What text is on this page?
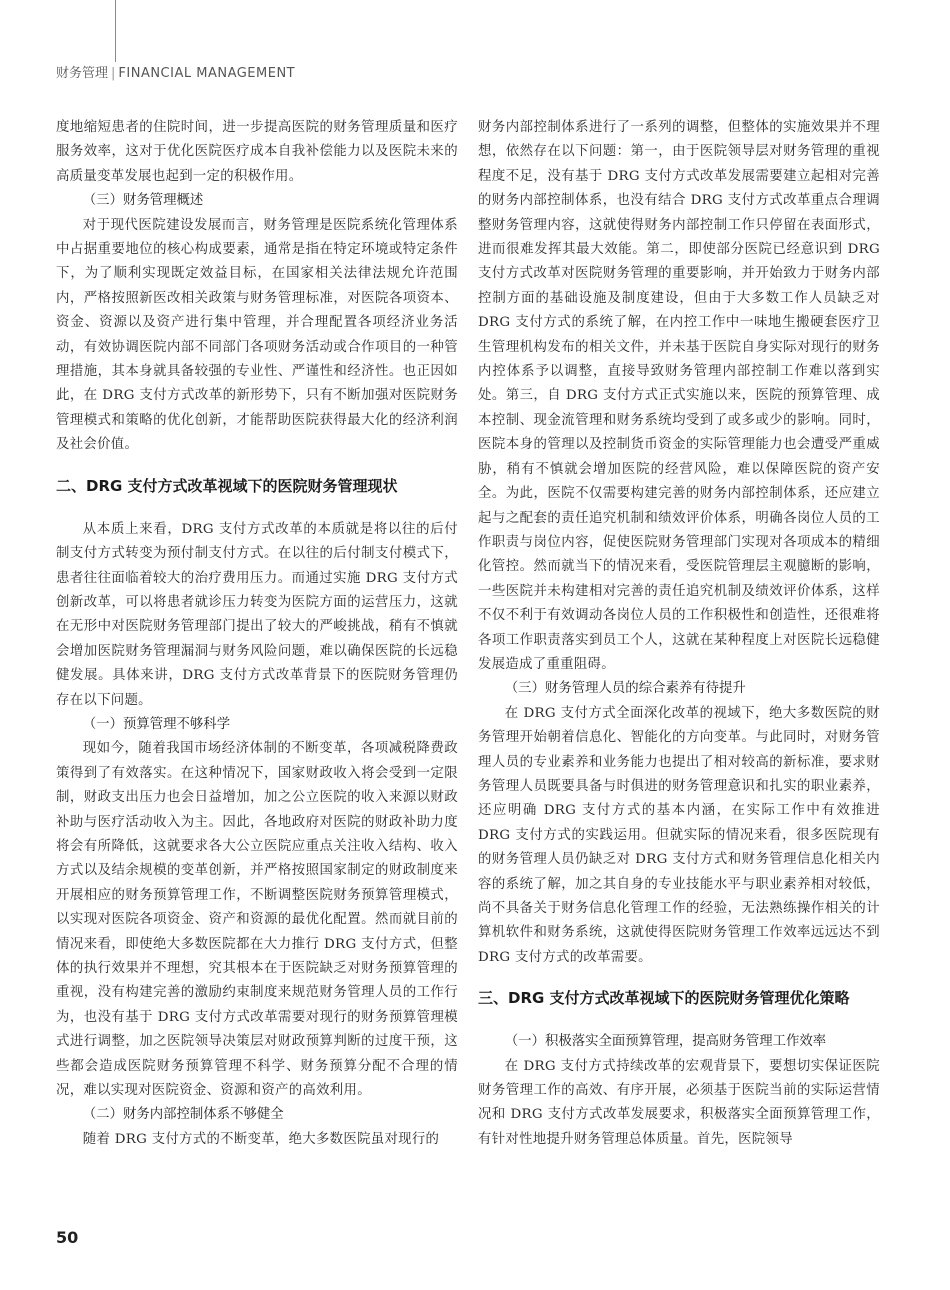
财务管理 | FINANCIAL MANAGEMENT

度地缩短患者的住院时间，进一步提高医院的财务管理质量和医疗服务效率，这对于优化医院医疗成本自我补偿能力以及医院未来的高质量变革发展也起到一定的积极作用。

（三）财务管理概述

对于现代医院建设发展而言，财务管理是医院系统化管理体系中占据重要地位的核心构成要素，通常是指在特定环境或特定条件下，为了顺利实现既定效益目标，在国家相关法律法规允许范围内，严格按照新医改相关政策与财务管理标准，对医院各项资本、资金、资源以及资产进行集中管理，并合理配置各项经济业务活动，有效协调医院内部不同部门各项财务活动或合作项目的一种管理措施，其本身就具备较强的专业性、严谨性和经济性。也正因如此，在 DRG 支付方式改革的新形势下，只有不断加强对医院财务管理模式和策略的优化创新，才能帮助医院获得最大化的经济利润及社会价值。

二、DRG 支付方式改革视域下的医院财务管理现状

从本质上来看，DRG 支付方式改革的本质就是将以往的后付制支付方式转变为预付制支付方式。在以往的后付制支付模式下，患者往往面临着较大的治疗费用压力。而通过实施 DRG 支付方式创新改革，可以将患者就诊压力转变为医院方面的运营压力，这就在无形中对医院财务管理部门提出了较大的严峻挑战，稍有不慎就会增加医院财务管理漏洞与财务风险问题，难以确保医院的长远稳健发展。具体来讲，DRG 支付方式改革背景下的医院财务管理仍存在以下问题。

（一）预算管理不够科学

现如今，随着我国市场经济体制的不断变革，各项减税降费政策得到了有效落实。在这种情况下，国家财政收入将会受到一定限制，财政支出压力也会日益增加，加之公立医院的收入来源以财政补助与医疗活动收入为主。因此，各地政府对医院的财政补助力度将会有所降低，这就要求各大公立医院应重点关注收入结构、收入方式以及结余规模的变革创新，并严格按照国家制定的财政制度来开展相应的财务预算管理工作，不断调整医院财务预算管理模式，以实现对医院各项资金、资产和资源的最优化配置。然而就目前的情况来看，即使绝大多数医院都在大力推行 DRG 支付方式，但整体的执行效果并不理想，究其根本在于医院缺乏对财务预算管理的重视，没有构建完善的激励约束制度来规范财务管理人员的工作行为，也没有基于 DRG 支付方式改革需要对现行的财务预算管理模式进行调整，加之医院领导决策层对财政预算判断的过度干预，这些都会造成医院财务预算管理不科学、财务预算分配不合理的情况，难以实现对医院资金、资源和资产的高效利用。

（二）财务内部控制体系不够健全

随着 DRG 支付方式的不断变革，绝大多数医院虽对现行的

财务内部控制体系进行了一系列的调整，但整体的实施效果并不理想，依然存在以下问题：第一，由于医院领导层对财务管理的重视程度不足，没有基于 DRG 支付方式改革发展需要建立起相对完善的财务内部控制体系，也没有结合 DRG 支付方式改革重点合理调整财务管理内容，这就使得财务内部控制工作只停留在表面形式，进而很难发挥其最大效能。第二，即使部分医院已经意识到 DRG 支付方式改革对医院财务管理的重要影响，并开始致力于财务内部控制方面的基础设施及制度建设，但由于大多数工作人员缺乏对 DRG 支付方式的系统了解，在内控工作中一味地生搬硬套医疗卫生管理机构发布的相关文件，并未基于医院自身实际对现行的财务内控体系予以调整，直接导致财务管理内部控制工作难以落到实处。第三，自 DRG 支付方式正式实施以来，医院的预算管理、成本控制、现金流管理和财务系统均受到了或多或少的影响。同时，医院本身的管理以及控制货币资金的实际管理能力也会遭受严重威胁，稍有不慎就会增加医院的经营风险，难以保障医院的资产安全。为此，医院不仅需要构建完善的财务内部控制体系，还应建立起与之配套的责任追究机制和绩效评价体系，明确各岗位人员的工作职责与岗位内容，促使医院财务管理部门实现对各项成本的精细化管控。然而就当下的情况来看，受医院管理层主观臆断的影响，一些医院并未构建相对完善的责任追究机制及绩效评价体系，这样不仅不利于有效调动各岗位人员的工作积极性和创造性，还很难将各项工作职责落实到员工个人，这就在某种程度上对医院长远稳健发展造成了重重阻碍。

（三）财务管理人员的综合素养有待提升

在 DRG 支付方式全面深化改革的视域下，绝大多数医院的财务管理开始朝着信息化、智能化的方向变革。与此同时，对财务管理人员的专业素养和业务能力也提出了相对较高的新标准，要求财务管理人员既要具备与时俱进的财务管理意识和扎实的职业素养，还应明确 DRG 支付方式的基本内涵，在实际工作中有效推进 DRG 支付方式的实践运用。但就实际的情况来看，很多医院现有的财务管理人员仍缺乏对 DRG 支付方式和财务管理信息化相关内容的系统了解，加之其自身的专业技能水平与职业素养相对较低，尚不具备关于财务信息化管理工作的经验，无法熟练操作相关的计算机软件和财务系统，这就使得医院财务管理工作效率远远达不到 DRG 支付方式的改革需要。

三、DRG 支付方式改革视域下的医院财务管理优化策略
（一）积极落实全面预算管理，提高财务管理工作效率

在 DRG 支付方式持续改革的宏观背景下，要想切实保证医院财务管理工作的高效、有序开展，必须基于医院当前的实际运营情况和 DRG 支付方式改革发展要求，积极落实全面预算管理工作，有针对性地提升财务管理总体质量。首先，医院领导

50
